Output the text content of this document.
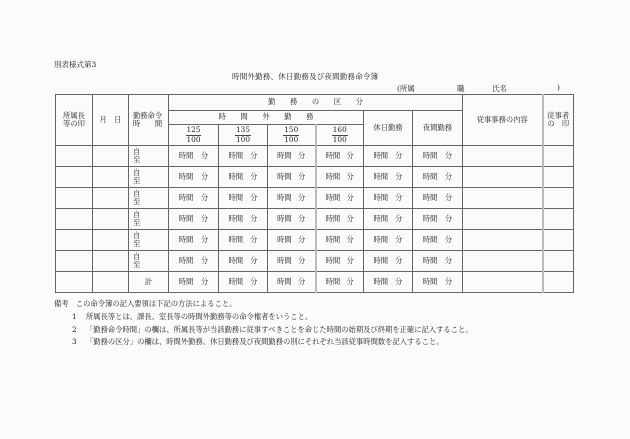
別表様式第3
時間外勤務、休日勤務及び夜間勤務命令簿
(所属	職	氏名	)
所属長
等の印	月　日	勤務命令
時　　間
	勤　　務　　の　　区　　分	従事事務の内容	従事者
の　印

			時　　間　　外　　勤　　務				休日勤務	夜間勤務		

			$\frac{125}{100}$	$\frac{135}{100}$	$\frac{150}{100}$	$\frac{160}{100}$

自
至	時間 分	時間 分	時間 分	時間 分	時間 分	時間 分

自
至	時間 分	時間 分	時間 分	時間 分	時間 分	時間 分

自
至	時間 分	時間 分	時間 分	時間 分	時間 分	時間 分

自
至	時間 分	時間 分	時間 分	時間 分	時間 分	時間 分

自
至	時間 分	時間 分	時間 分	時間 分	時間 分	時間 分

自
至	時間 分	時間 分	時間 分	時間 分	時間 分	時間 分

		計	時間 分	時間 分	時間 分	時間 分	時間 分	時間 分		

備考　この命令簿の記入要領は下記の方法によること。
1 所属長等とは、課長、室長等の時間外勤務等の命令権者をいうこと。
2 「勤務命令時間」の欄は、所属長等が当該勤務に従事すべきことを命じた時間の始期及び終期を正確に記入すること。
3 「勤務の区分」の欄は、時間外勤務、休日勤務及び夜間勤務の別にそれぞれ当該従事時間数を記入すること。
